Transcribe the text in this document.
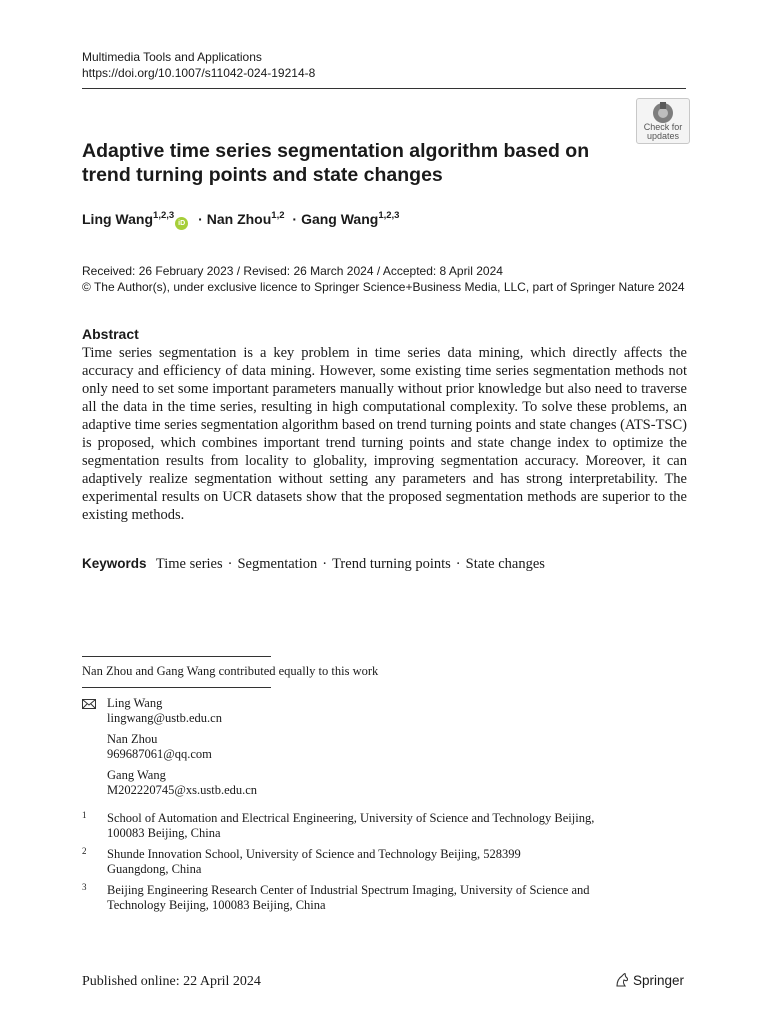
Multimedia Tools and Applications
https://doi.org/10.1007/s11042-024-19214-8
Check for
updates
Adaptive time series segmentation algorithm based on trend turning points and state changes
Ling Wang$^{1,2,3}$iD · Nan Zhou$^{1,2}$ · Gang Wang$^{1,2,3}$
Received: 26 February 2023 / Revised: 26 March 2024 / Accepted: 8 April 2024
© The Author(s), under exclusive licence to Springer Science+Business Media, LLC, part of Springer Nature 2024
Abstract
Time series segmentation is a key problem in time series data mining, which directly affects the accuracy and efficiency of data mining. However, some existing time series segmentation methods not only need to set some important parameters manually without prior knowledge but also need to traverse all the data in the time series, resulting in high computational complexity. To solve these problems, an adaptive time series segmentation algorithm based on trend turning points and state changes (ATS-TSC) is proposed, which combines important trend turning points and state change index to optimize the segmentation results from locality to globality, improving segmentation accuracy. Moreover, it can adaptively realize segmentation without setting any parameters and has strong interpretability. The experimental results on UCR datasets show that the proposed segmentation methods are superior to the existing methods.
Keywords Time series · Segmentation · Trend turning points · State changes
Nan Zhou and Gang Wang contributed equally to this work
Ling Wang
lingwang@ustb.edu.cn
Nan Zhou
969687061@qq.com
Gang Wang
M202220745@xs.ustb.edu.cn
1 School of Automation and Electrical Engineering, University of Science and Technology Beijing,
100083 Beijing, China
2 Shunde Innovation School, University of Science and Technology Beijing, 528399
Guangdong, China
3 Beijing Engineering Research Center of Industrial Spectrum Imaging, University of Science and
Technology Beijing, 100083 Beijing, China
Published online: 22 April 2024	Springer
